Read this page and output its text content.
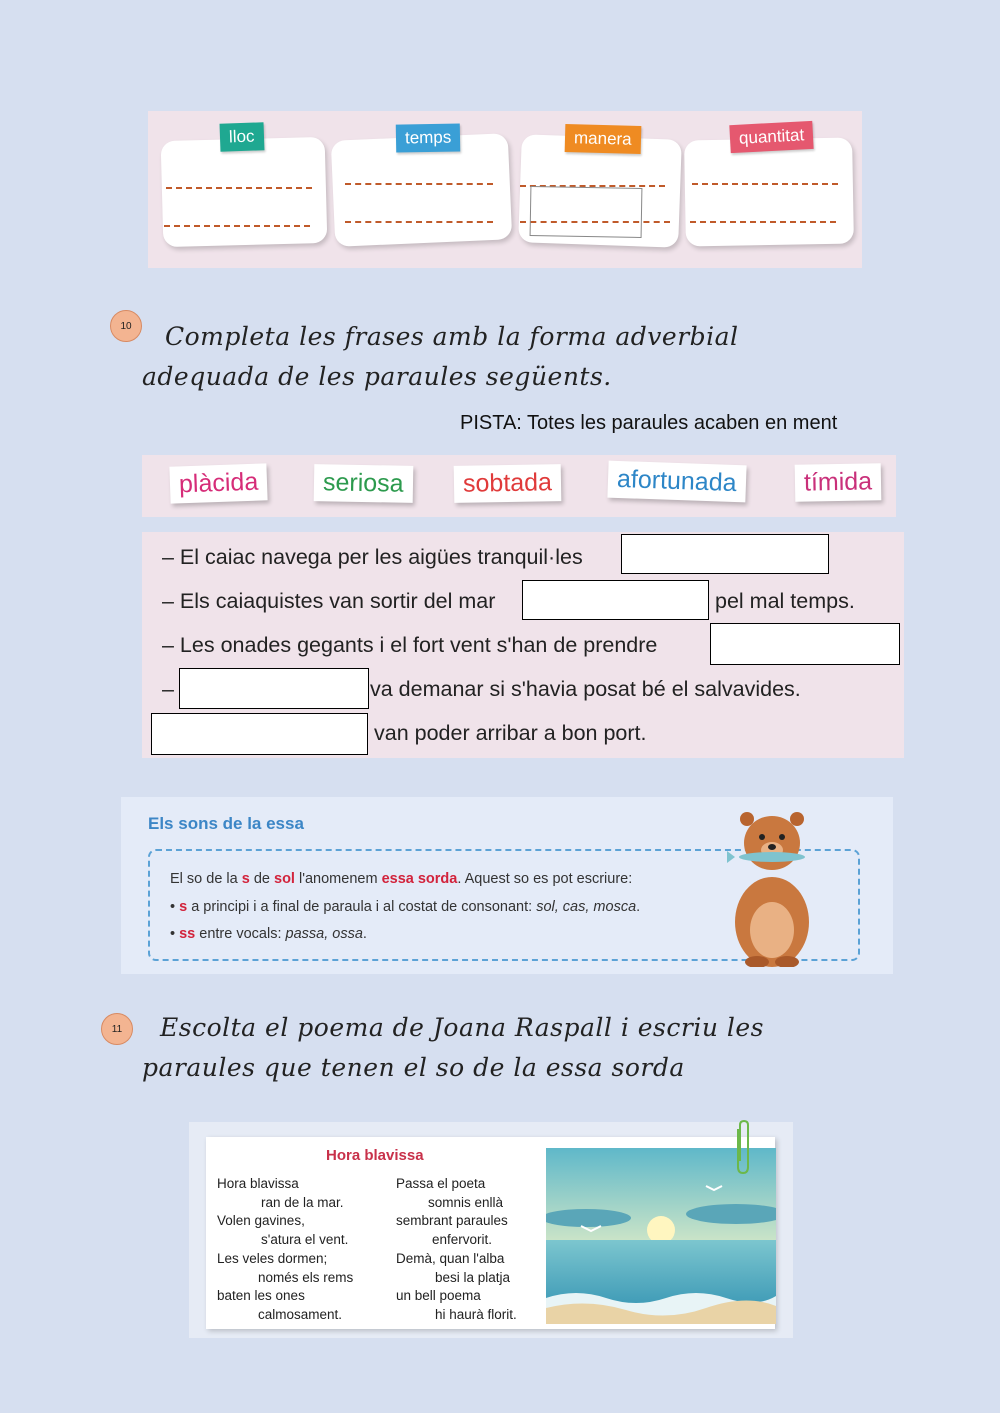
lloc	temps	manera	quantitat
10	Completa les frases amb la forma adverbial
adequada de les paraules següents.
PISTA: Totes les paraules acaben en ment
plàcida	seriosa	sobtada	afortunada	tímida
– El caiac navega per les aigües tranquil·les
– Els caiaquistes van sortir del mar	pel mal temps.
– Les onades gegants i el fort vent s'han de prendre
–	va demanar si s'havia posat bé el salvavides.
van poder arribar a bon port.
Els sons de la essa
El so de la s de sol l'anomenem essa sorda. Aquest so es pot escriure:
• s a principi i a final de paraula i al costat de consonant: sol, cas, mosca.
• ss entre vocals: passa, ossa.
11	Escolta el poema de Joana Raspall i escriu les
paraules que tenen el so de la essa sorda
Hora blavissa
Hora blavissa
ran de la mar.
Volen gavines,
s'atura el vent.
Les veles dormen;
només els rems
baten les ones
calmosament.
Passa el poeta
somnis enllà
sembrant paraules
enfervorit.
Demà, quan l'alba
besi la platja
un bell poema
hi haurà florit.
